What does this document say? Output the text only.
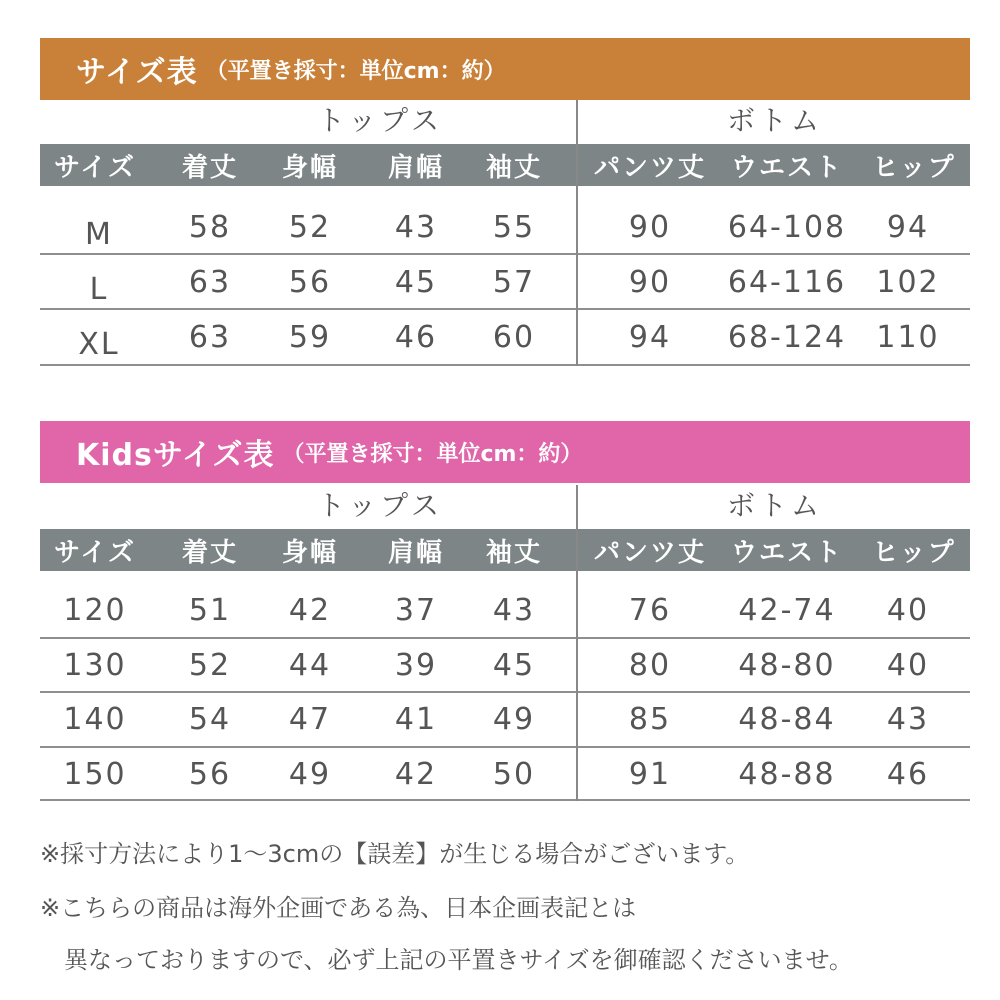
サイズ表 （平置き採寸：単位cm：約）
トップス	ボトム
サイズ	着丈	身幅	肩幅	袖丈	パンツ丈 ウエスト	ヒップ
M	58	52	43	55	90	64-108	94
L	63	56	45	57	90	64-116	102
XL	63	59	46	60	94	68-124	110
Kidsサイズ表 （平置き採寸：単位cm：約）
トップス	ボトム
サイズ	着丈	身幅	肩幅	袖丈	パンツ丈 ウエスト	ヒップ
120	51	42	37	43	76	42-74	40
130	52	44	39	45	80	48-80	40
140	54	47	41	49	85	48-84	43
150	56	49	42	50	91	48-88	46
※採寸方法により1〜3cmの【誤差】が生じる場合がございます。
※こちらの商品は海外企画である為、日本企画表記とは
　異なっておりますので、必ず上記の平置きサイズを御確認くださいませ。
